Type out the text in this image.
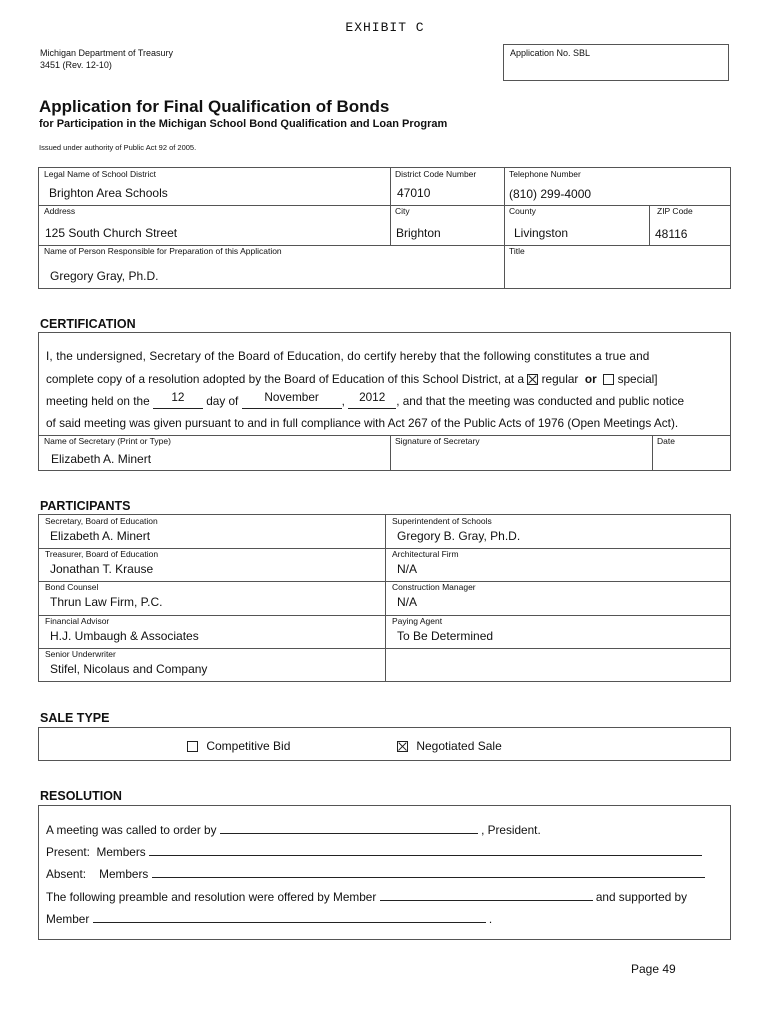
EXHIBIT C
Michigan Department of Treasury
3451 (Rev. 12-10)
Application No. SBL
Application for Final Qualification of Bonds
for Participation in the Michigan School Bond Qualification and Loan Program
Issued under authority of Public Act 92 of 2005.
Legal Name of School District
Brighton Area Schools
District Code Number
47010
Telephone Number
(810) 299-4000
Address
125 South Church Street
City
Brighton
County
Livingston
ZIP Code
48116
Name of Person Responsible for Preparation of this Application
Gregory Gray, Ph.D.
Title
CERTIFICATION
I, the undersigned, Secretary of the Board of Education, do certify hereby that the following constitutes a true and
complete copy of a resolution adopted by the Board of Education of this School District, at a regular or special]
meeting held on the 12 day of November , 2012 , and that the meeting was conducted and public notice
of said meeting was given pursuant to and in full compliance with Act 267 of the Public Acts of 1976 (Open Meetings Act).
Name of Secretary (Print or Type)
Elizabeth A. Minert
Signature of Secretary	Date
PARTICIPANTS
Secretary, Board of Education
Elizabeth A. Minert
Superintendent of Schools
Gregory B. Gray, Ph.D.
Treasurer, Board of Education
Jonathan T. Krause
Architectural Firm
N/A
Bond Counsel
Thrun Law Firm, P.C.
Construction Manager
N/A
Financial Advisor
H.J. Umbaugh & Associates
Paying Agent
To Be Determined
Senior Underwriter
Stifel, Nicolaus and Company
SALE TYPE
Competitive Bid	Negotiated Sale
RESOLUTION
A meeting was called to order by	, President.
Present: Members
Absent: Members
The following preamble and resolution were offered by Member	and supported by
Member	.
Page 49
